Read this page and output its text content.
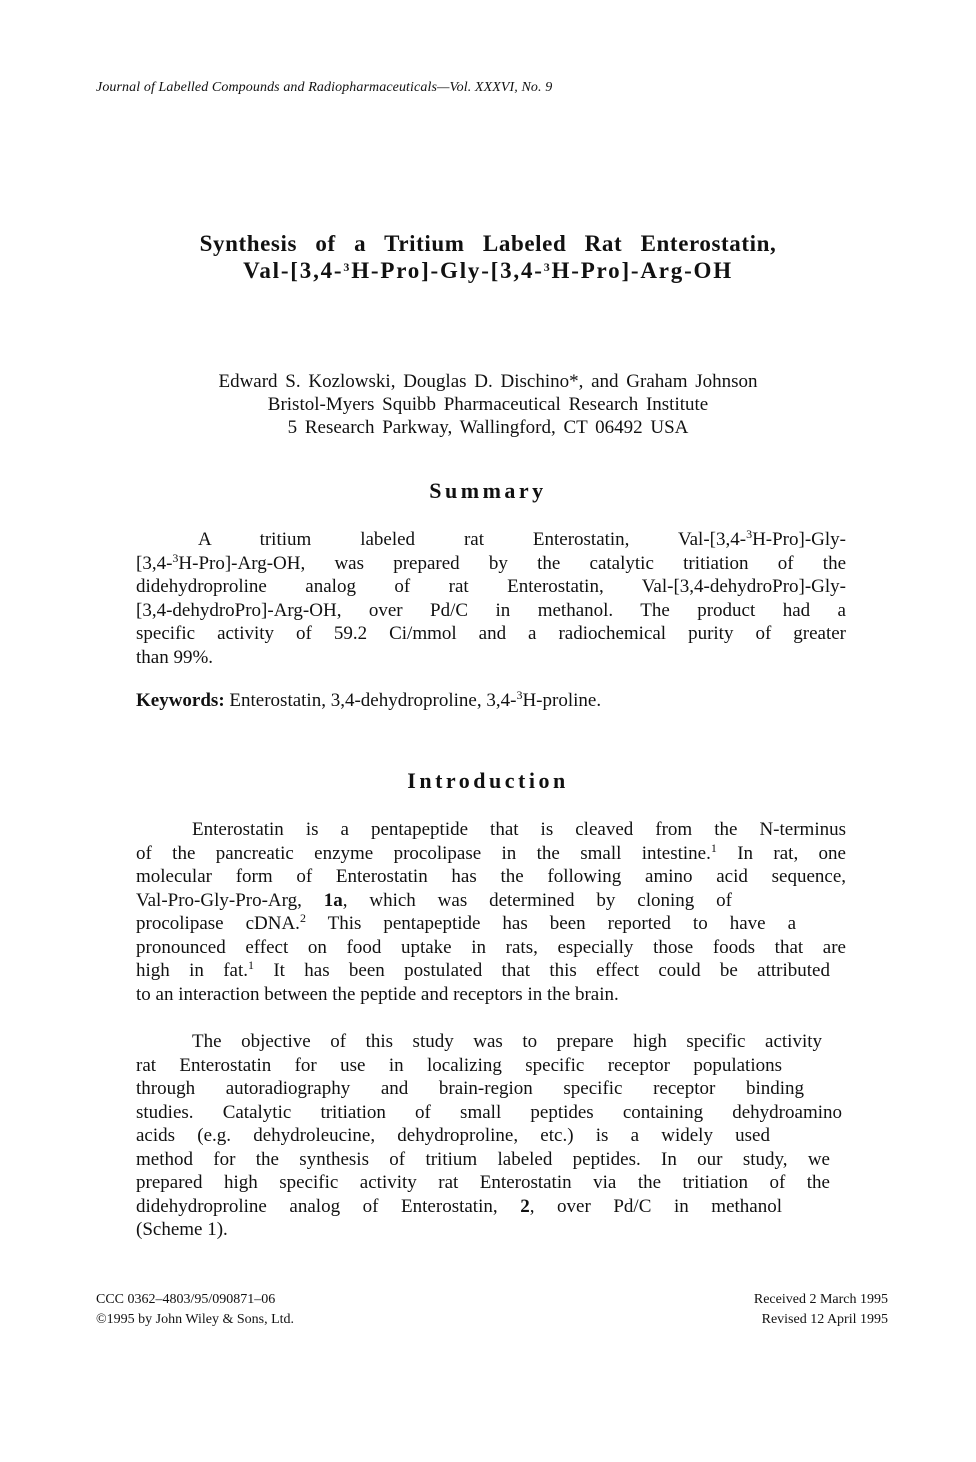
Journal of Labelled Compounds and Radiopharmaceuticals—Vol. XXXVI, No. 9
Synthesis of a Tritium Labeled Rat Enterostatin,
Val-[3,4-$^3$H-Pro]-Gly-[3,4-$^3$H-Pro]-Arg-OH
Edward S. Kozlowski, Douglas D. Dischino*, and Graham Johnson
Bristol-Myers Squibb Pharmaceutical Research Institute
5 Research Parkway, Wallingford, CT 06492 USA
Summary
A tritium labeled rat Enterostatin, Val-[3,4-$^3$H-Pro]-Gly-
[3,4-$^3$H-Pro]-Arg-OH, was prepared by the catalytic tritiation of the
didehydroproline analog of rat Enterostatin, Val-[3,4-dehydroPro]-Gly-
[3,4-dehydroPro]-Arg-OH, over Pd/C in methanol. The product had a
specific activity of 59.2 Ci/mmol and a radiochemical purity of greater
than 99%.
Keywords: Enterostatin, 3,4-dehydroproline, 3,4-$^3$H-proline.
Introduction
Enterostatin is a pentapeptide that is cleaved from the N-terminus
of the pancreatic enzyme procolipase in the small intestine.$^1$ In rat, one
molecular form of Enterostatin has the following amino acid sequence,
Val-Pro-Gly-Pro-Arg, 1a, which was determined by cloning of
procolipase cDNA.$^2$ This pentapeptide has been reported to have a
pronounced effect on food uptake in rats, especially those foods that are
high in fat.$^1$ It has been postulated that this effect could be attributed
to an interaction between the peptide and receptors in the brain.
The objective of this study was to prepare high specific activity
rat Enterostatin for use in localizing specific receptor populations
through autoradiography and brain-region specific receptor binding
studies. Catalytic tritiation of small peptides containing dehydroamino
acids (e.g. dehydroleucine, dehydroproline, etc.) is a widely used
method for the synthesis of tritium labeled peptides. In our study, we
prepared high specific activity rat Enterostatin via the tritiation of the
didehydroproline analog of Enterostatin, 2, over Pd/C in methanol
(Scheme 1).
CCC 0362–4803/95/090871–06
©1995 by John Wiley & Sons, Ltd.
Received 2 March 1995
Revised 12 April 1995
